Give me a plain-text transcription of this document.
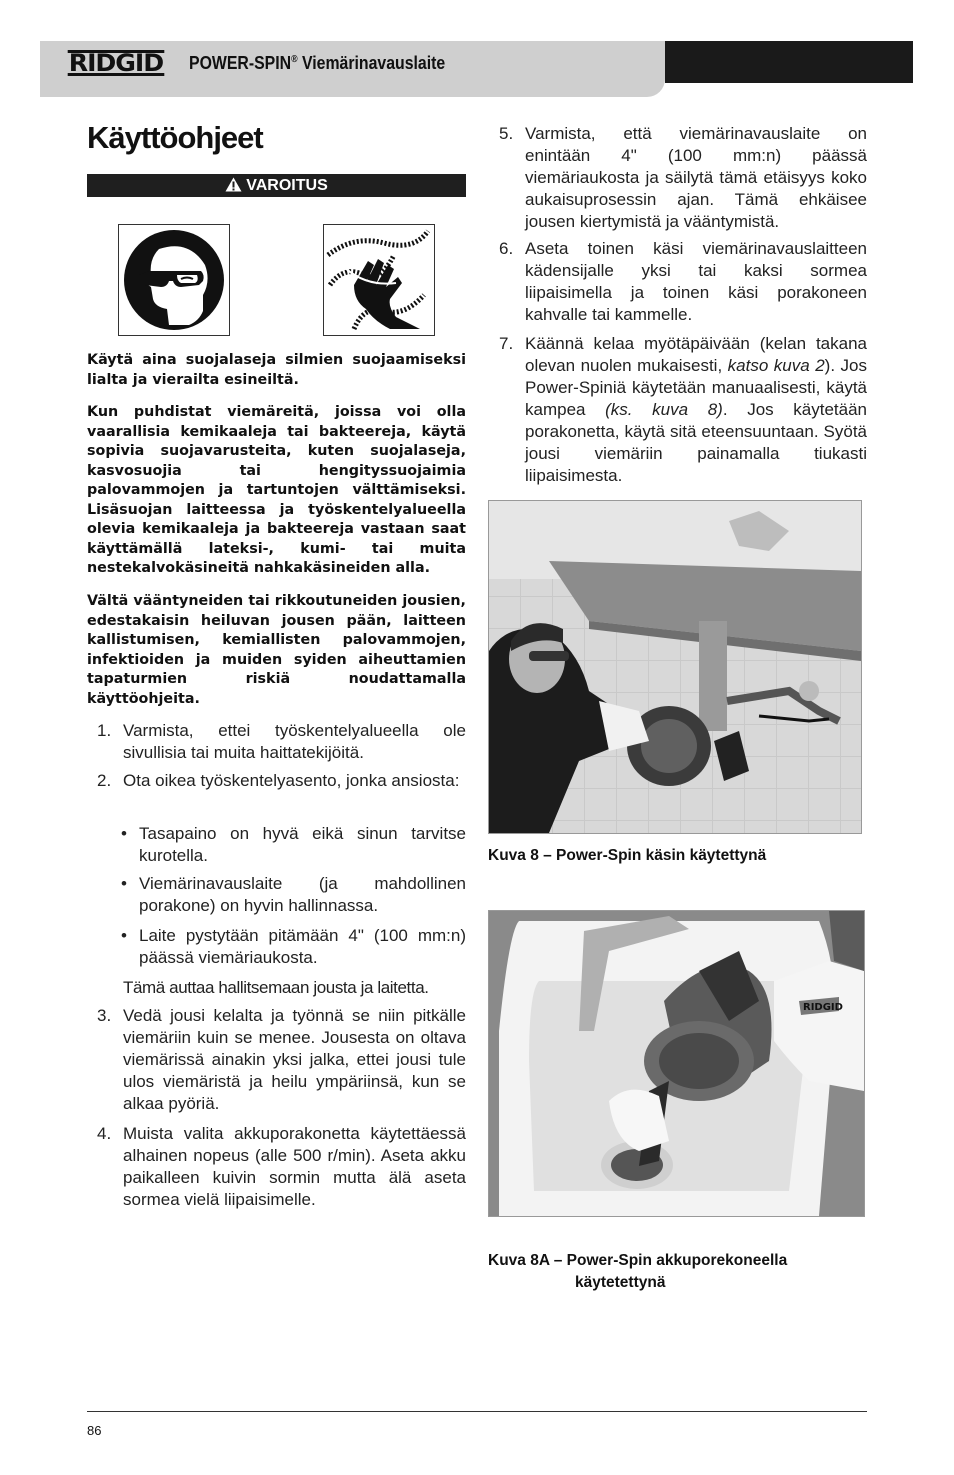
RIDGID POWER-SPIN® Viemärinavauslaite
Käyttöohjeet
VAROITUS

Käytä aina suojalaseja silmien suojaamiseksi lialta ja vierailta esineiltä.

Kun puhdistat viemäreitä, joissa voi olla vaarallisia kemikaaleja tai bakteereja, käytä sopivia suojavarusteita, kuten suojalaseja, kasvosuojia tai hengityssuojaimia palovammojen ja tartuntojen välttämiseksi. Lisäsuojan laitteessa ja työskentelyalueella olevia kemikaaleja ja bakteereja vastaan saat käyttämällä lateksi-, kumi- tai muita nestekalvokäsineitä nahkakäsineiden alla.

Vältä vääntyneiden tai rikkoutuneiden jousien, edestakaisin heiluvan jousen pään, laitteen kallistumisen, kemiallisten palovammojen, infektioiden ja muiden syiden aiheuttamien tapaturmien riskiä noudattamalla käyttöohjeita.

1. Varmista, ettei työskentelyalueella ole sivullisia tai muita haittatekijöitä.
2. Ota oikea työskentelyasento, jonka ansiosta:
• Tasapaino on hyvä eikä sinun tarvitse kurotella.
• Viemärinavauslaite (ja mahdollinen porakone) on hyvin hallinnassa.
• Laite pystytään pitämään 4" (100 mm:n) päässä viemäriaukosta.
Tämä auttaa hallitsemaan jousta ja laitetta.
3. Vedä jousi kelalta ja työnnä se niin pitkälle viemäriin kuin se menee. Jousesta on oltava viemärissä ainakin yksi jalka, ettei jousi tule ulos viemäristä ja heilu ympäriinsä, kun se alkaa pyöriä.
4. Muista valita akkuporakonetta käytettäessä alhainen nopeus (alle 500 r/min). Aseta akku paikalleen kuivin sormin mutta älä aseta sormea vielä liipaisimelle.
5. Varmista, että viemärinavauslaite on enintään 4" (100 mm:n) päässä viemäriaukosta ja säilytä tämä etäisyys koko aukaisuprosessin ajan. Tämä ehkäisee jousen kiertymistä ja vääntymistä.
6. Aseta toinen käsi viemärinavauslaitteen kädensijalle yksi tai kaksi sormea liipaisimella ja toinen käsi porakoneen kahvalle tai kammelle.
7. Käännä kelaa myötäpäivään (kelan takana olevan nuolen mukaisesti, katso kuva 2). Jos Power-Spiniä käytetään manuaalisesti, käytä kampea (ks. kuva 8). Jos käytetään porakonetta, käytä sitä eteensuuntaan. Syötä jousi viemäriin painamalla tiukasti liipaisimesta.

Kuva 8 – Power-Spin käsin käytettynä

RIDGID

Kuva 8A – Power-Spin akkuporekoneella

käytetettynä

86
